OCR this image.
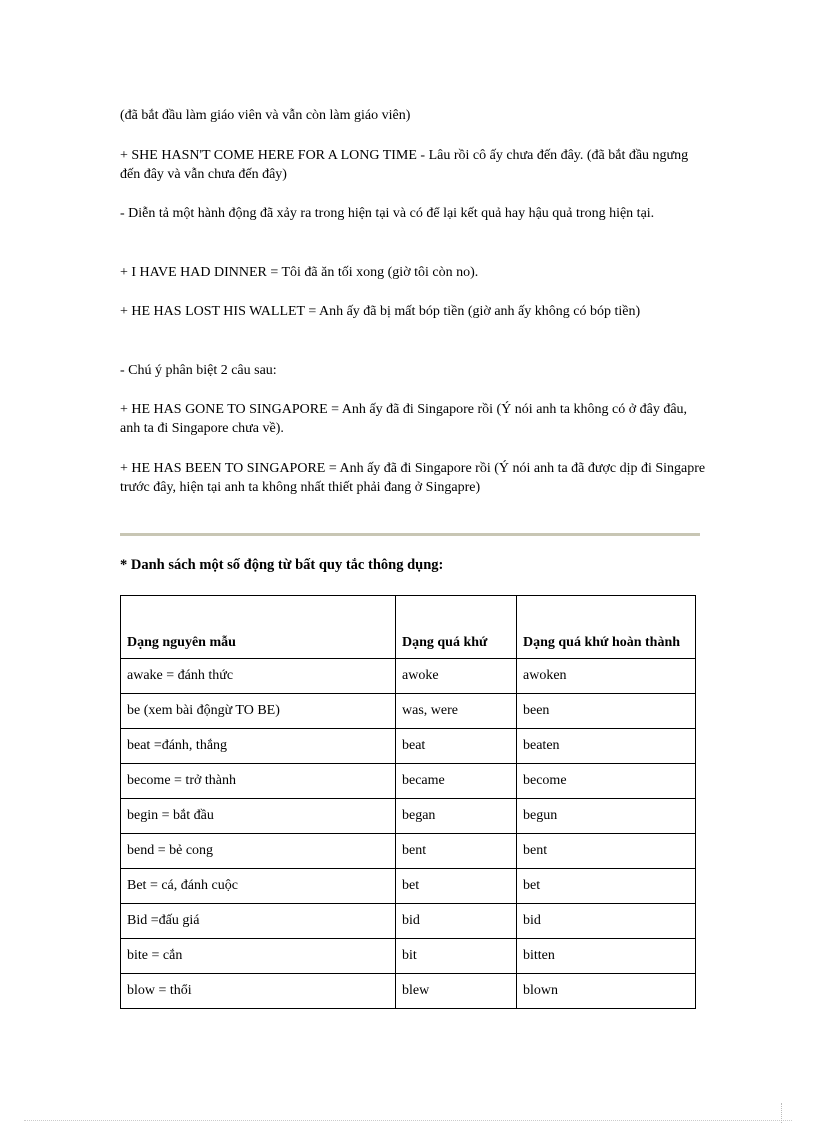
(đã bắt đầu làm giáo viên và vẫn còn làm giáo viên)

+ SHE HASN'T COME HERE FOR A LONG TIME - Lâu rồi cô ấy chưa đến đây. (đã bắt đầu ngưng đến đây và vẫn chưa đến đây)

- Diễn tả một hành động đã xảy ra trong hiện tại và có để lại kết quả hay hậu quả trong hiện tại.

+ I HAVE HAD DINNER = Tôi đã ăn tối xong (giờ tôi còn no).

+ HE HAS LOST HIS WALLET = Anh ấy đã bị mất bóp tiền (giờ anh ấy không có bóp tiền)

- Chú ý phân biệt 2 câu sau:

+ HE HAS GONE TO SINGAPORE = Anh ấy đã đi Singapore rồi (Ý nói anh ta không có ở đây đâu, anh ta đi Singapore chưa về).

+ HE HAS BEEN TO SINGAPORE = Anh ấy đã đi Singapore rồi (Ý nói anh ta đã được dịp đi Singapre trước đây, hiện tại anh ta không nhất thiết phải đang ở Singapre)

* Danh sách một số động từ bất quy tắc thông dụng:

Dạng nguyên mẫu	Dạng quá khứ	Dạng quá khứ hoàn thành
awake = đánh thức	awoke	awoken
be (xem bài độngừ TO BE)	was, were	been
beat =đánh, thắng	beat	beaten
become = trở thành	became	become
begin = bắt đầu	began	begun
bend = bẻ cong	bent	bent
Bet = cá, đánh cuộc	bet	bet
Bid =đấu giá	bid	bid
bite = cắn	bit	bitten
blow = thổi	blew	blown
